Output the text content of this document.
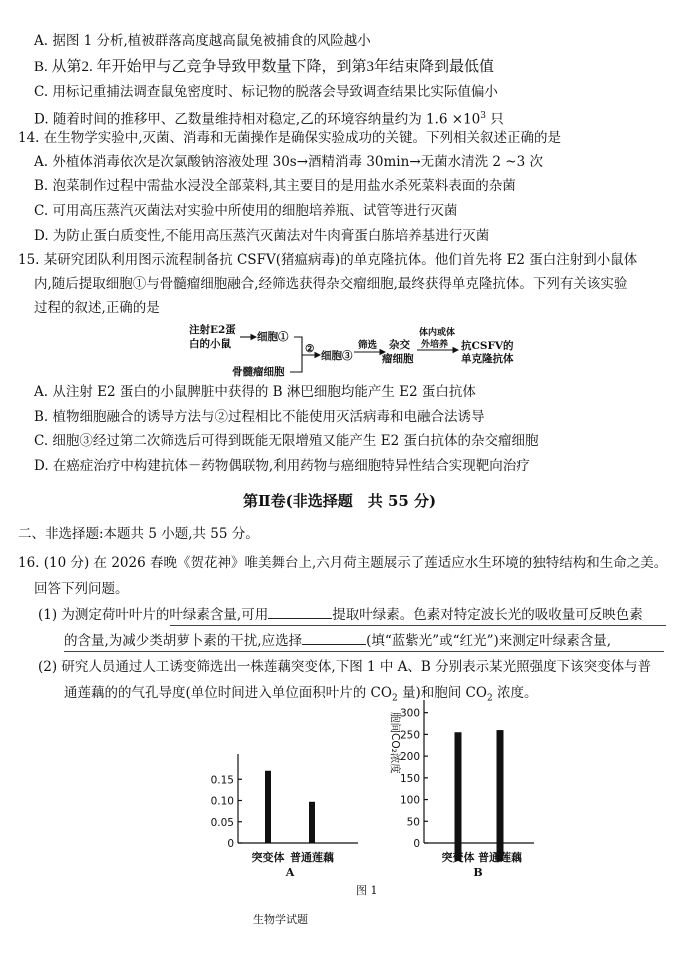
A. 据图 1 分析,植被群落高度越高鼠兔被捕食的风险越小
B. 从第2. 年开始甲与乙竞争导致甲数量下降，到第3年结束降到最低值
C. 用标记重捕法调查鼠兔密度时、标记物的脱落会导致调查结果比实际值偏小
D. 随着时间的推移甲、乙数量维持相对稳定,乙的环境容纳量约为 $1.6 \times 10^3$ 只
14. 在生物学实验中,灭菌、消毒和无菌操作是确保实验成功的关键。下列相关叙述正确的是
A. 外植体消毒依次是次氯酸钠溶液处理 30s→酒精消毒 30min→无菌水清洗 2 ~3 次
B. 泡菜制作过程中需盐水浸没全部菜料,其主要目的是用盐水杀死菜料表面的杂菌
C. 可用高压蒸汽灭菌法对实验中所使用的细胞培养瓶、试管等进行灭菌
D. 为防止蛋白质变性,不能用高压蒸汽灭菌法对牛肉膏蛋白胨培养基进行灭菌
15. 某研究团队利用图示流程制备抗 CSFV(猪瘟病毒)的单克隆抗体。他们首先将 E2 蛋白注射到小鼠体
内,随后提取细胞①与骨髓瘤细胞融合,经筛选获得杂交瘤细胞,最终获得单克隆抗体。下列有关该实验
过程的叙述,正确的是
注射E2蛋
白的小鼠
细胞①
骨髓瘤细胞
②
细胞③
筛选 杂交
瘤细胞
体内或体
外培养 抗CSFV的
单克隆抗体
A. 从注射 E2 蛋白的小鼠脾脏中获得的 B 淋巴细胞均能产生 E2 蛋白抗体
B. 植物细胞融合的诱导方法与②过程相比不能使用灭活病毒和电融合法诱导
C. 细胞③经过第二次筛选后可得到既能无限增殖又能产生 E2 蛋白抗体的杂交瘤细胞
D. 在癌症治疗中构建抗体－药物偶联物,利用药物与癌细胞特异性结合实现靶向治疗
第Ⅱ卷(非选择题　共 55 分)
二、非选择题:本题共 5 小题,共 55 分。
16. (10 分) 在 2026 春晚《贺花神》唯美舞台上,六月荷主题展示了莲适应水生环境的独特结构和生命之美。
回答下列问题。
(1) 为测定荷叶叶片的叶绿素含量,可用	提取叶绿素。色素对特定波长光的吸收量可反映色素
的含量,为减少类胡萝卜素的干扰,应选择	(填“蓝紫光”或“红光”)来测定叶绿素含量,
(2) 研究人员通过人工诱变筛选出一株莲藕突变体,下图 1 中 A、B 分别表示某光照强度下该突变体与普
通莲藕的的气孔导度(单位时间进入单位面积叶片的 $CO_2$ 量)和胞间 $CO_2$ 浓度。
0
0.05
0.10
0.15
突变体 普通莲藕
A
0
50
100
150
200
250
300
突变体 普通莲藕
B
胞间CO₂浓度
图 1
生物学试题
